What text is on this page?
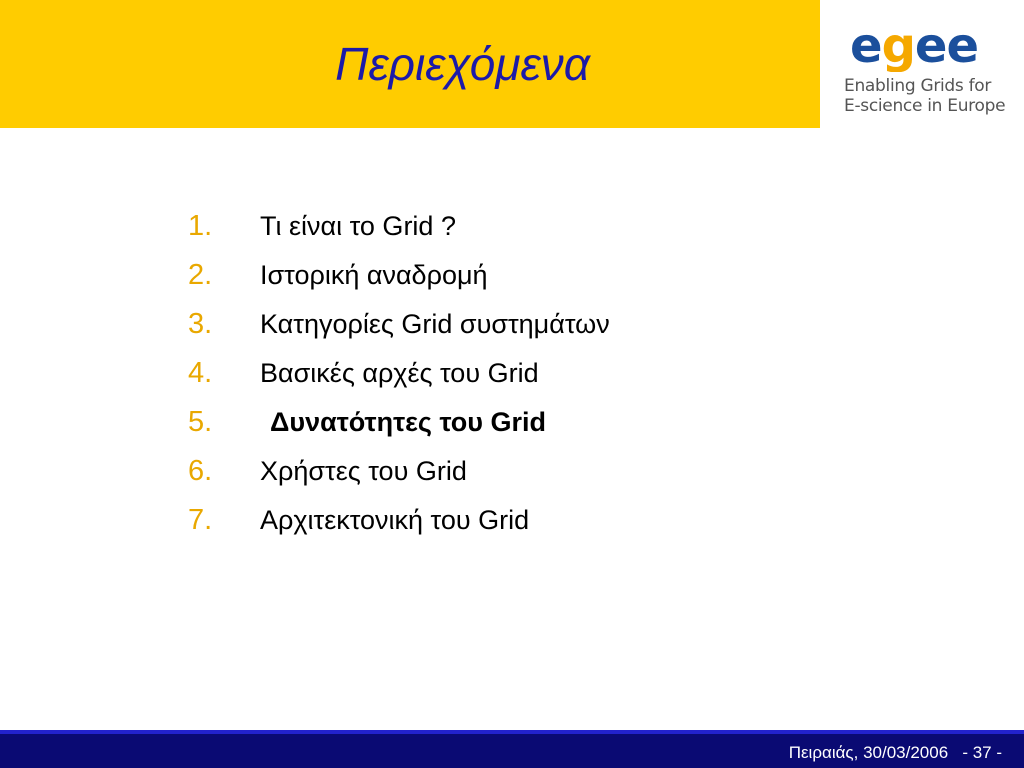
Περιεχόμενα	egee
Enabling Grids for
E-science in Europe
1. Τι είναι το Grid ?
2. Ιστορική αναδρομή
3. Κατηγορίες Grid συστημάτων
4. Βασικές αρχές του Grid
5. Δυνατότητες του Grid
6. Χρήστες του Grid
7. Αρχιτεκτονική του Grid
Πειραιάς, 30/03/2006   - 37 -
